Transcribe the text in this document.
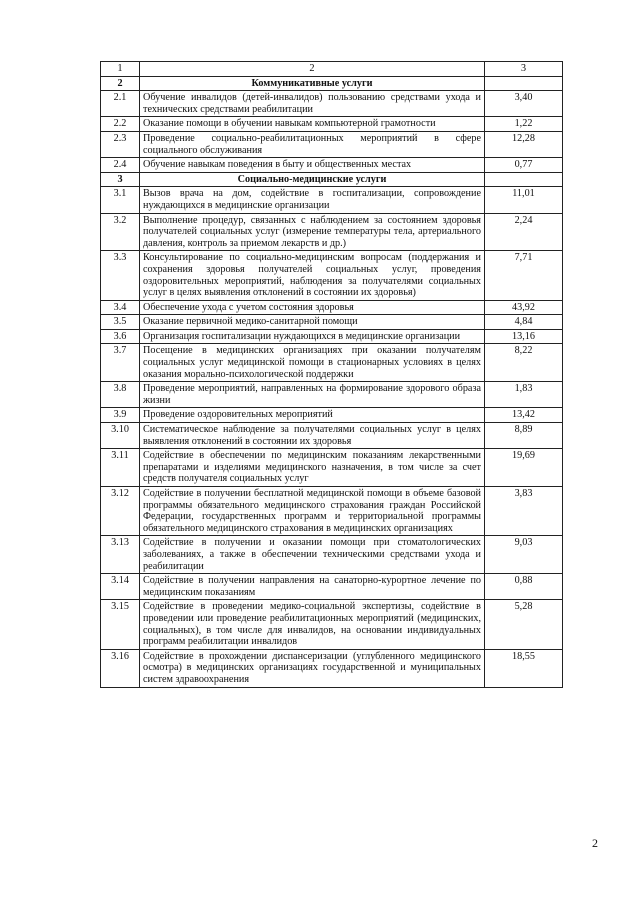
1	2	3
2	Коммуникативные услуги	
2.1	Обучение инвалидов (детей-инвалидов) пользованию средствами ухода и технических средствами реабилитации	3,40
2.2	Оказание помощи в обучении навыкам компьютерной грамотности	1,22
2.3	Проведение социально-реабилитационных мероприятий в сфере социального обслуживания	12,28
2.4	Обучение навыкам поведения в быту и общественных местах	0,77
3	Социально-медицинские услуги	
3.1	Вызов врача на дом, содействие в госпитализации, сопровождение нуждающихся в медицинские организации	11,01
3.2	Выполнение процедур, связанных с наблюдением за состоянием здоровья получателей социальных услуг (измерение температуры тела, артериального давления, контроль за приемом лекарств и др.)	2,24
3.3	Консультирование по социально-медицинским вопросам (поддержания и сохранения здоровья получателей социальных услуг, проведения оздоровительных мероприятий, наблюдения за получателями социальных услуг в целях выявления отклонений в состоянии их здоровья)	7,71
3.4	Обеспечение ухода с учетом состояния здоровья	43,92
3.5	Оказание первичной медико-санитарной помощи	4,84
3.6	Организация госпитализации нуждающихся в медицинские организации	13,16
3.7	Посещение в медицинских организациях при оказании получателям социальных услуг медицинской помощи в стационарных условиях в целях оказания морально-психологической поддержки	8,22
3.8	Проведение мероприятий, направленных на формирование здорового образа жизни	1,83
3.9	Проведение оздоровительных мероприятий	13,42
3.10	Систематическое наблюдение за получателями социальных услуг в целях выявления отклонений в состоянии их здоровья	8,89
3.11	Содействие в обеспечении по медицинским показаниям лекарственными препаратами и изделиями медицинского назначения, в том числе за счет средств получателя социальных услуг	19,69
3.12	Содействие в получении бесплатной медицинской помощи в объеме базовой программы обязательного медицинского страхования граждан Российской Федерации, государственных программ и территориальной программы обязательного медицинского страхования в медицинских организациях	3,83
3.13	Содействие в получении и оказании помощи при стоматологических заболеваниях, а также в обеспечении техническими средствами ухода и реабилитации	9,03
3.14	Содействие в получении направления на санаторно-курортное лечение по медицинским показаниям	0,88
3.15	Содействие в проведении медико-социальной экспертизы, содействие в проведении или проведение реабилитационных мероприятий (медицинских, социальных), в том числе для инвалидов, на основании индивидуальных программ реабилитации инвалидов	5,28
3.16	Содействие в прохождении диспансеризации (углубленного медицинского осмотра) в медицинских организациях государственной и муниципальных систем здравоохранения	18,55
2
